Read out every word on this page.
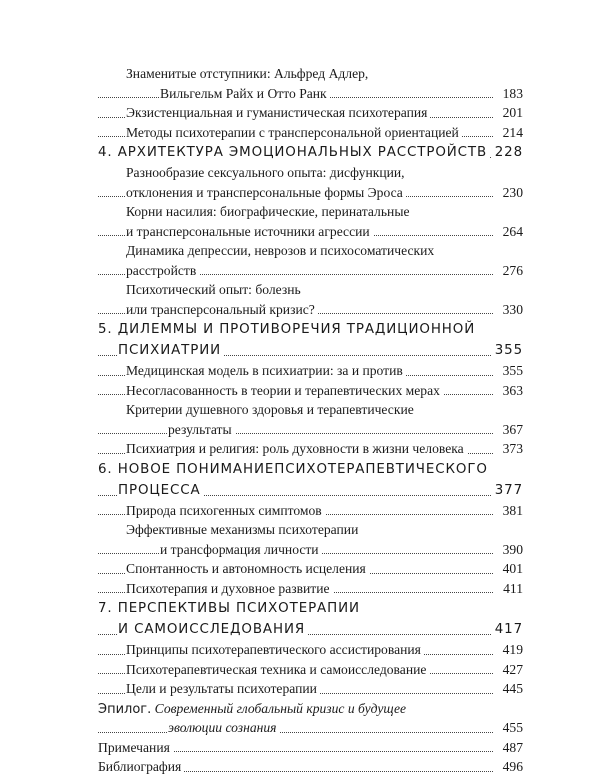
Знаменитые отступники: Альфред Адлер,
Вильгельм Райх и Отто Ранк	183
Экзистенциальная и гуманистическая психотерапия	201
Методы психотерапии с трансперсональной ориентацией	214
4. АРХИТЕКТУРА ЭМОЦИОНАЛЬНЫХ РАССТРОЙСТВ 228
Разнообразие сексуального опыта: дисфункции,
отклонения и трансперсональные формы Эроса	230
Корни насилия: биографические, перинатальные
и трансперсональные источники агрессии	264
Динамика депрессии, неврозов и психосоматических
расстройств	276
Психотический опыт: болезнь
или трансперсональный кризис?	330
5. ДИЛЕММЫ И ПРОТИВОРЕЧИЯ ТРАДИЦИОННОЙ
ПСИХИАТРИИ	355
Медицинская модель в психиатрии: за и против	355
Несогласованность в теории и терапевтических мерах	363
Критерии душевного здоровья и терапевтические
результаты	367
Психиатрия и религия: роль духовности в жизни человека	373
6. НОВОЕ ПОНИМАНИЕПСИХОТЕРАПЕВТИЧЕСКОГО
ПРОЦЕССА	377
Природа психогенных симптомов	381
Эффективные механизмы психотерапии
и трансформация личности	390
Спонтанность и автономность исцеления	401
Психотерапия и духовное развитие	411
7. ПЕРСПЕКТИВЫ ПСИХОТЕРАПИИ
И САМОИССЛЕДОВАНИЯ	417
Принципы психотерапевтического ассистирования	419
Психотерапевтическая техника и самоисследование	427
Цели и результаты психотерапии	445
Эпилог. Современный глобальный кризис и будущее
эволюции сознания	455
Примечания	487
Библиография	496
